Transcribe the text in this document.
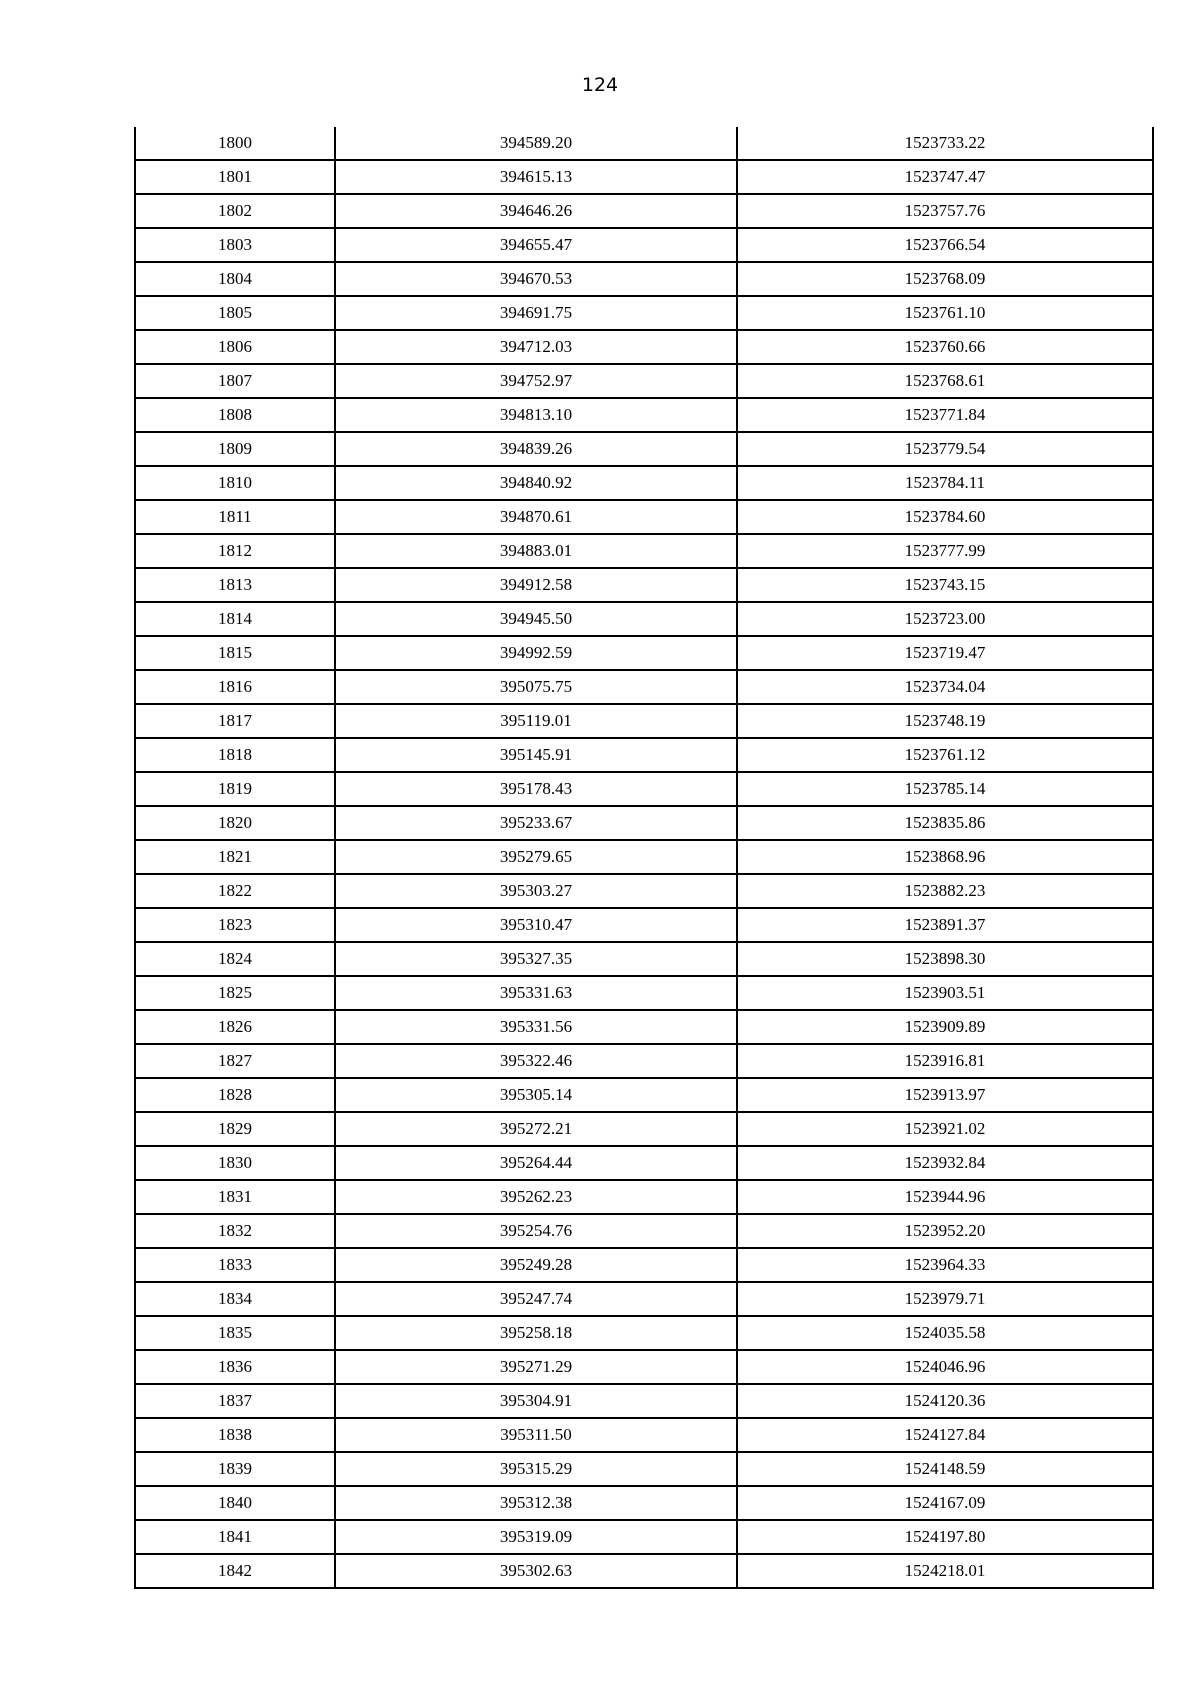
124
1800	394589.20	1523733.22
1801	394615.13	1523747.47
1802	394646.26	1523757.76
1803	394655.47	1523766.54
1804	394670.53	1523768.09
1805	394691.75	1523761.10
1806	394712.03	1523760.66
1807	394752.97	1523768.61
1808	394813.10	1523771.84
1809	394839.26	1523779.54
1810	394840.92	1523784.11
1811	394870.61	1523784.60
1812	394883.01	1523777.99
1813	394912.58	1523743.15
1814	394945.50	1523723.00
1815	394992.59	1523719.47
1816	395075.75	1523734.04
1817	395119.01	1523748.19
1818	395145.91	1523761.12
1819	395178.43	1523785.14
1820	395233.67	1523835.86
1821	395279.65	1523868.96
1822	395303.27	1523882.23
1823	395310.47	1523891.37
1824	395327.35	1523898.30
1825	395331.63	1523903.51
1826	395331.56	1523909.89
1827	395322.46	1523916.81
1828	395305.14	1523913.97
1829	395272.21	1523921.02
1830	395264.44	1523932.84
1831	395262.23	1523944.96
1832	395254.76	1523952.20
1833	395249.28	1523964.33
1834	395247.74	1523979.71
1835	395258.18	1524035.58
1836	395271.29	1524046.96
1837	395304.91	1524120.36
1838	395311.50	1524127.84
1839	395315.29	1524148.59
1840	395312.38	1524167.09
1841	395319.09	1524197.80
1842	395302.63	1524218.01
